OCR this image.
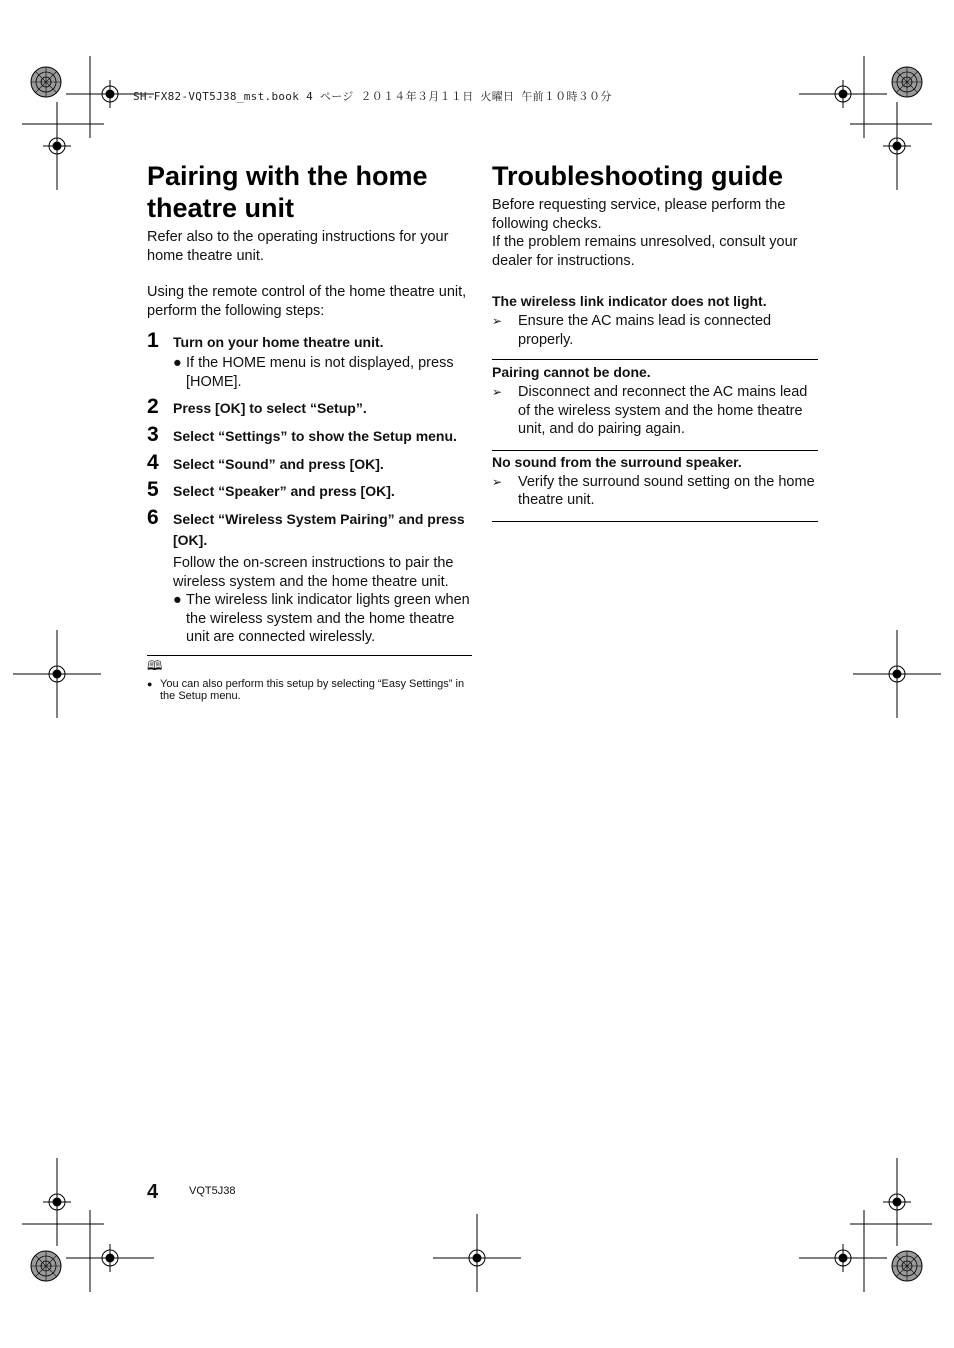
SH-FX82-VQT5J38_mst.book 4 ページ ２０１４年３月１１日 火曜日 午前１０時３０分
Pairing with the home
theatre unit

Refer also to the operating instructions for your home theatre unit.

Using the remote control of the home theatre unit, perform the following steps:

1 Turn on your home theatre unit.
● If the HOME menu is not displayed, press [HOME].
2 Press [OK] to select “Setup”.
3 Select “Settings” to show the Setup menu.
4 Select “Sound” and press [OK].
5 Select “Speaker” and press [OK].
6 Select “Wireless System Pairing” and press [OK].
Follow the on-screen instructions to pair the wireless system and the home theatre unit.
● The wireless link indicator lights green when the wireless system and the home theatre unit are connected wirelessly.
🕮
● You can also perform this setup by selecting “Easy Settings” in the Setup menu.
Troubleshooting guide

Before requesting service, please perform the following checks.

If the problem remains unresolved, consult your dealer for instructions.

The wireless link indicator does not light.
➢ Ensure the AC mains lead is connected properly.
Pairing cannot be done.
➢ Disconnect and reconnect the AC mains lead of the wireless system and the home theatre unit, and do pairing again.
No sound from the surround speaker.
➢ Verify the surround sound setting on the home theatre unit.
4	VQT5J38
